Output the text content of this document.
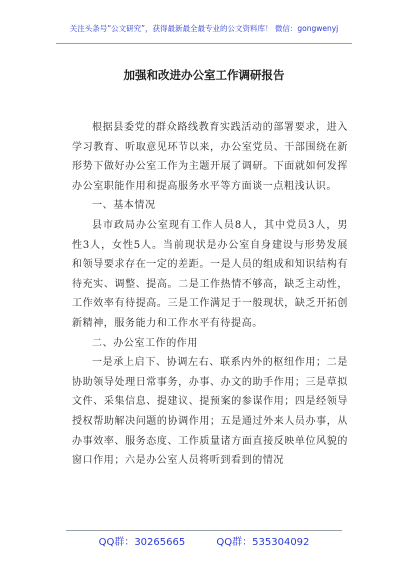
关注头条号“公文研究”，获得最新最全最专业的公文资料库！ 微信：gongwenyj
加强和改进办公室工作调研报告

根据县委党的群众路线教育实践活动的部署要求，进入学习教育、听取意见环节以来，办公室党员、干部围绕在新形势下做好办公室工作为主题开展了调研。下面就如何发挥办公室职能作用和提高服务水平等方面谈一点粗浅认识。

一、基本情况

县市政局办公室现有工作人员8人，其中党员3人，男性3人，女性5人。当前现状是办公室自身建设与形势发展和领导要求存在一定的差距。一是人员的组成和知识结构有待充实、调整、提高。二是工作热情不够高，缺乏主动性，工作效率有待提高。三是工作满足于一般现状，缺乏开拓创新精神，服务能力和工作水平有待提高。

二、办公室工作的作用

一是承上启下、协调左右、联系内外的枢纽作用；二是协助领导处理日常事务，办事、办文的助手作用；三是草拟文件、采集信息、提建议、提预案的参谋作用；四是经领导授权帮助解决问题的协调作用；五是通过外来人员办事，从办事效率、服务态度、工作质量诸方面直接反映单位风貌的窗口作用；六是办公室人员将听到看到的情况

QQ群：30265665	QQ群：535304092
